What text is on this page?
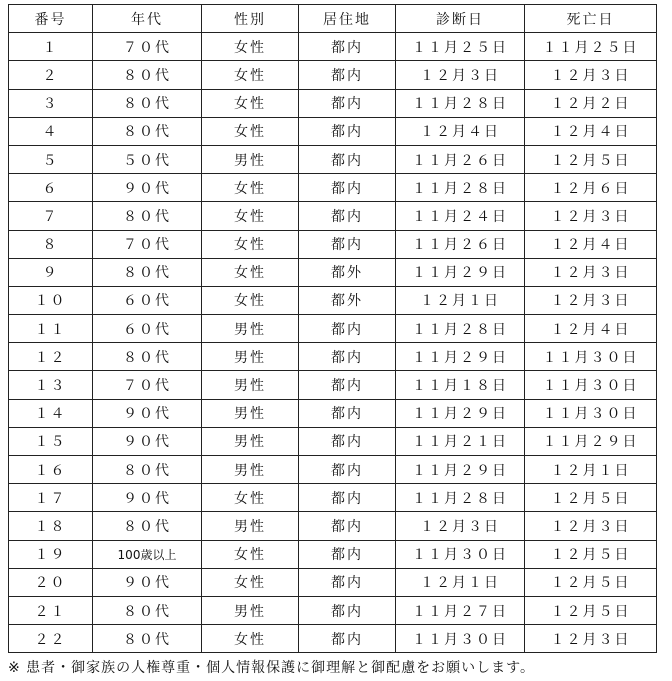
番号	年代	性別	居住地	診断日	死亡日
１	７０代	女性	都内	１１月２５日	１１月２５日
２	８０代	女性	都内	１２月３日	１２月３日
３	８０代	女性	都内	１１月２８日	１２月２日
４	８０代	女性	都内	１２月４日	１２月４日
５	５０代	男性	都内	１１月２６日	１２月５日
６	９０代	女性	都内	１１月２８日	１２月６日
７	８０代	女性	都内	１１月２４日	１２月３日
８	７０代	女性	都内	１１月２６日	１２月４日
９	８０代	女性	都外	１１月２９日	１２月３日
１０	６０代	女性	都外	１２月１日	１２月３日
１１	６０代	男性	都内	１１月２８日	１２月４日
１２	８０代	男性	都内	１１月２９日	１１月３０日
１３	７０代	男性	都内	１１月１８日	１１月３０日
１４	９０代	男性	都内	１１月２９日	１１月３０日
１５	９０代	男性	都内	１１月２１日	１１月２９日
１６	８０代	男性	都内	１１月２９日	１２月１日
１７	９０代	女性	都内	１１月２８日	１２月５日
１８	８０代	男性	都内	１２月３日	１２月３日
１９	100歳以上	女性	都内	１１月３０日	１２月５日
２０	９０代	女性	都内	１２月１日	１２月５日
２１	８０代	男性	都内	１１月２７日	１２月５日
２２	８０代	女性	都内	１１月３０日	１２月３日
※ 患者・御家族の人権尊重・個人情報保護に御理解と御配慮をお願いします。
